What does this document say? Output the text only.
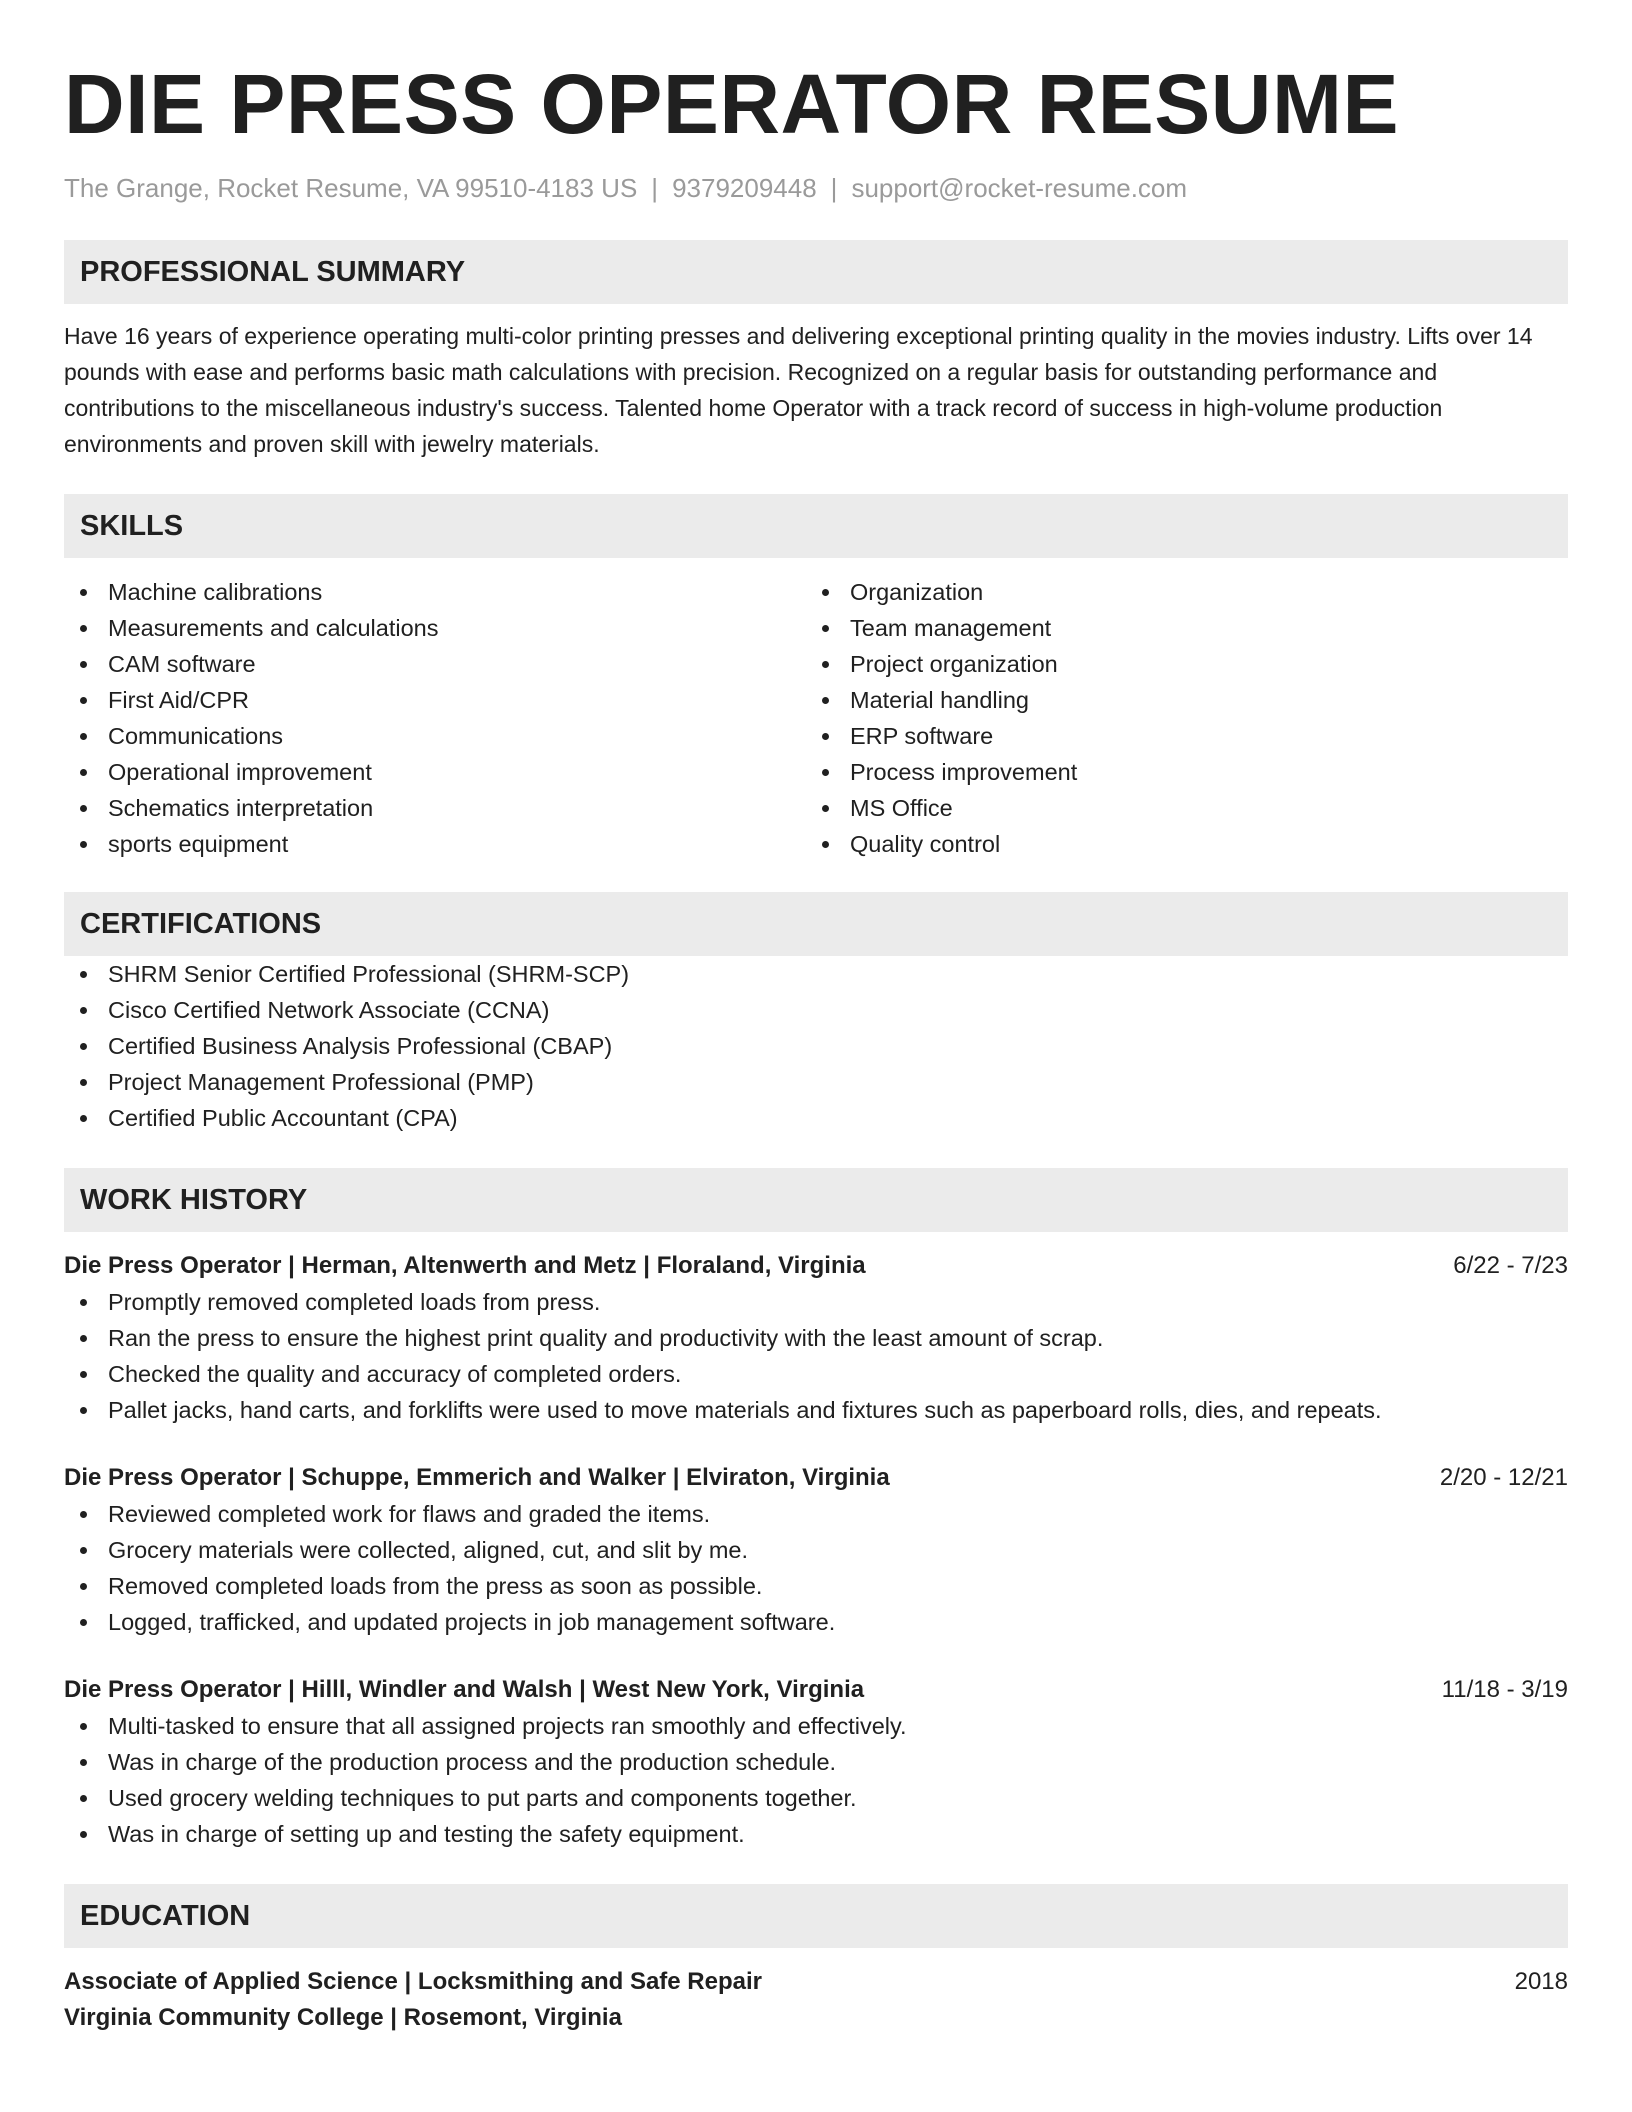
DIE PRESS OPERATOR RESUME
The Grange, Rocket Resume, VA 99510-4183 US | 9379209448 | support@rocket-resume.com
PROFESSIONAL SUMMARY

Have 16 years of experience operating multi-color printing presses and delivering exceptional printing quality in the movies industry. Lifts over 14 pounds with ease and performs basic math calculations with precision. Recognized on a regular basis for outstanding performance and contributions to the miscellaneous industry's success. Talented home Operator with a track record of success in high-volume production environments and proven skill with jewelry materials.

SKILLS
Machine calibrations
Measurements and calculations
CAM software
First Aid/CPR
Communications
Operational improvement
Schematics interpretation
sports equipment
Organization
Team management
Project organization
Material handling
ERP software
Process improvement
MS Office
Quality control
CERTIFICATIONS
SHRM Senior Certified Professional (SHRM-SCP)
Cisco Certified Network Associate (CCNA)
Certified Business Analysis Professional (CBAP)
Project Management Professional (PMP)
Certified Public Accountant (CPA)
WORK HISTORY
Die Press Operator | Herman, Altenwerth and Metz | Floraland, Virginia	6/22 - 7/23
Promptly removed completed loads from press.
Ran the press to ensure the highest print quality and productivity with the least amount of scrap.
Checked the quality and accuracy of completed orders.
Pallet jacks, hand carts, and forklifts were used to move materials and fixtures such as paperboard rolls, dies, and repeats.
Die Press Operator | Schuppe, Emmerich and Walker | Elviraton, Virginia	2/20 - 12/21
Reviewed completed work for flaws and graded the items.
Grocery materials were collected, aligned, cut, and slit by me.
Removed completed loads from the press as soon as possible.
Logged, trafficked, and updated projects in job management software.
Die Press Operator | Hilll, Windler and Walsh | West New York, Virginia	11/18 - 3/19
Multi-tasked to ensure that all assigned projects ran smoothly and effectively.
Was in charge of the production process and the production schedule.
Used grocery welding techniques to put parts and components together.
Was in charge of setting up and testing the safety equipment.
EDUCATION
Associate of Applied Science | Locksmithing and Safe Repair	2018
Virginia Community College | Rosemont, Virginia
